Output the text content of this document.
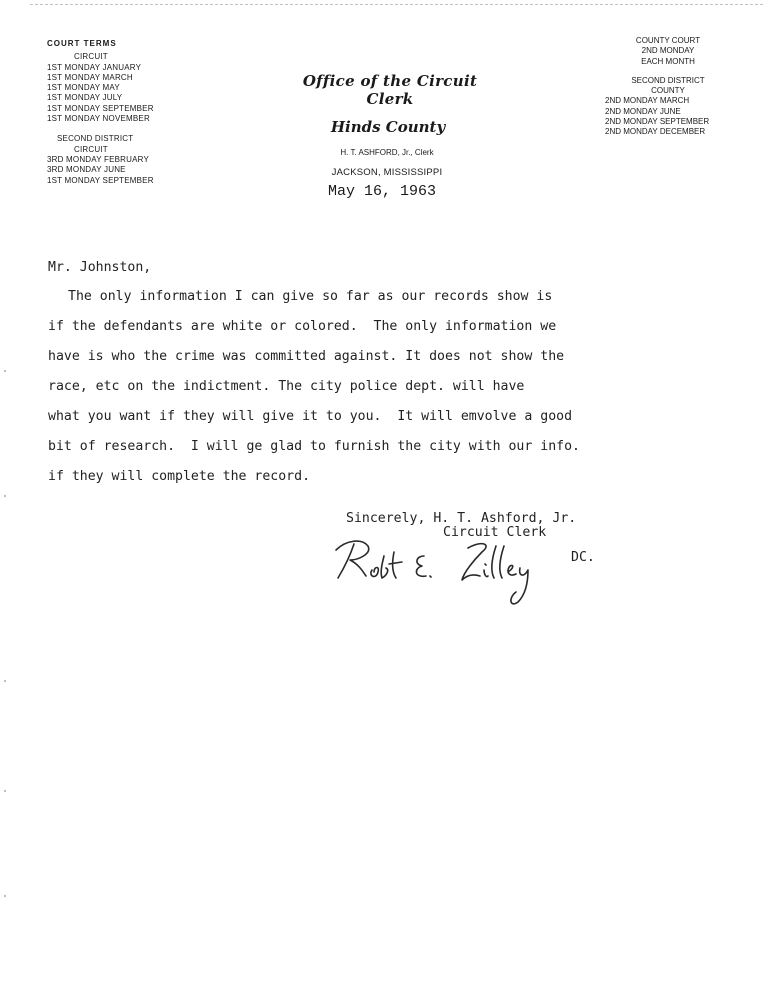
COURT TERMS
CIRCUIT
1ST MONDAY JANUARY
1ST MONDAY MARCH
1ST MONDAY MAY
1ST MONDAY JULY
1ST MONDAY SEPTEMBER
1ST MONDAY NOVEMBER
SECOND DISTRICT
CIRCUIT
3RD MONDAY FEBRUARY
3RD MONDAY JUNE
1ST MONDAY SEPTEMBER
Office of the Circuit Clerk
Hinds County
H. T. ASHFORD, Jr., Clerk
JACKSON, MISSISSIPPI
COUNTY COURT
2ND MONDAY
EACH MONTH
SECOND DISTRICT
COUNTY
2ND MONDAY MARCH
2ND MONDAY JUNE
2ND MONDAY SEPTEMBER
2ND MONDAY DECEMBER
May 16, 1963
Mr. Johnston,
The only information I can give so far as our records show is
if the defendants are white or colored.  The only information we
have is who the crime was committed against. It does not show the
race, etc on the indictment. The city police dept. will have
what you want if they will give it to you.  It will emvolve a good
bit of research.  I will ge glad to furnish the city with our info.
if they will complete the record.
Sincerely, H. T. Ashford, Jr.
Circuit Clerk
DC.
